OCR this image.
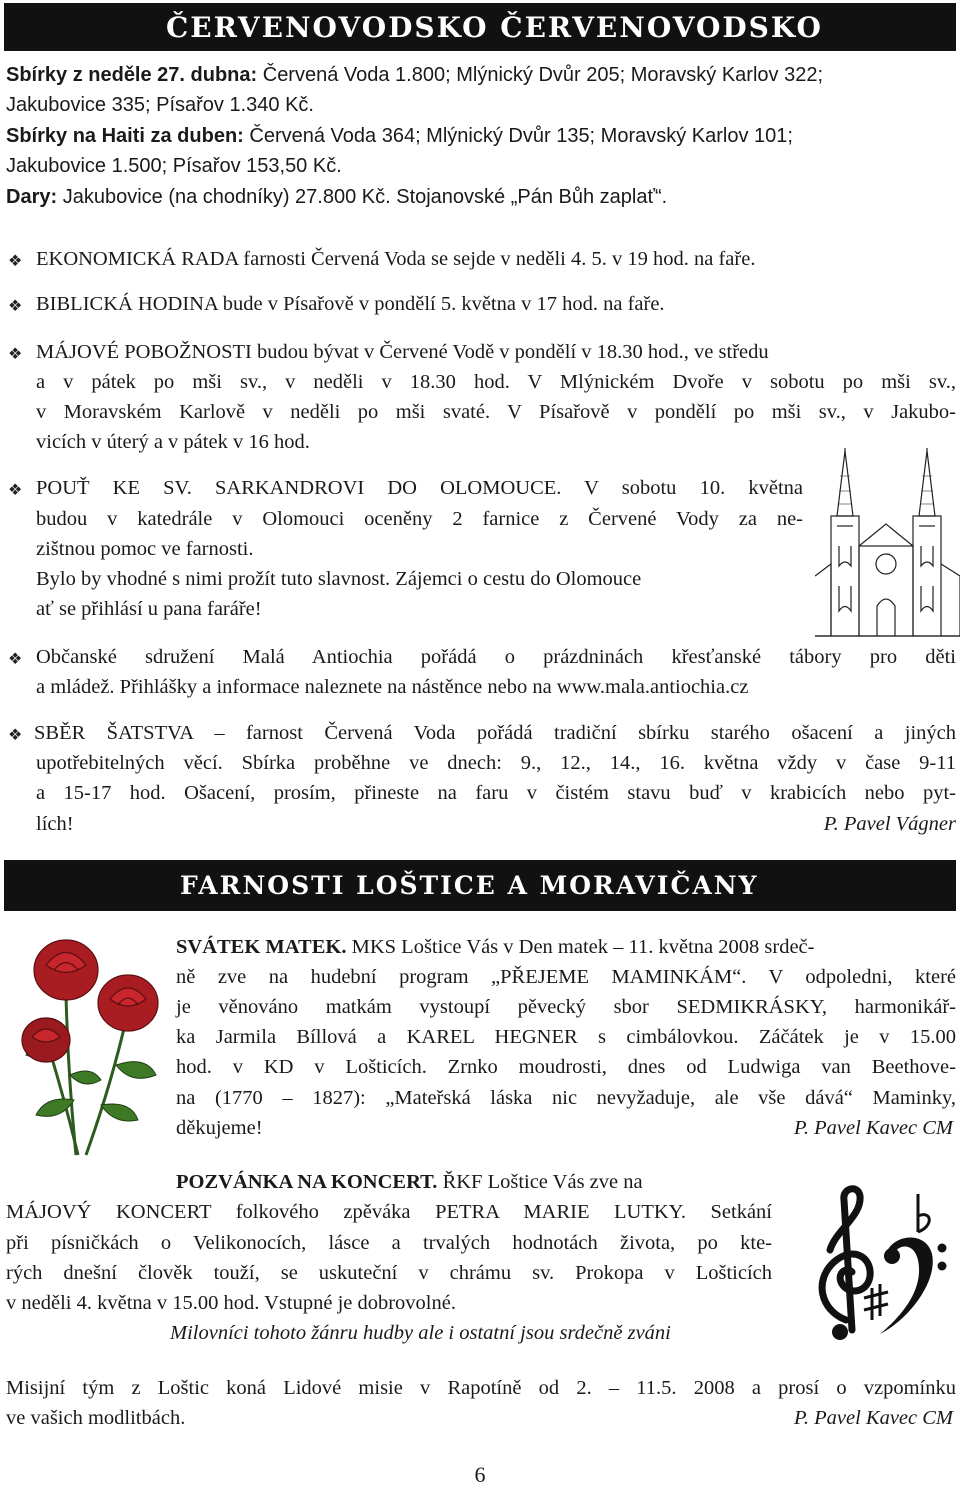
ČERVENOVODSKO ČERVENOVODSKO
Sbírky z neděle 27. dubna: Červená Voda 1.800; Mlýnický Dvůr 205; Moravský Karlov 322;
Jakubovice 335; Písařov 1.340 Kč.
Sbírky na Haiti za duben: Červená Voda 364; Mlýnický Dvůr 135; Moravský Karlov 101;
Jakubovice 1.500; Písařov 153,50 Kč.
Dary: Jakubovice (na chodníky) 27.800 Kč. Stojanovské „Pán Bůh zaplať“.
❖ EKONOMICKÁ RADA farnosti Červená Voda se sejde v neděli 4. 5. v 19 hod. na faře.
❖ BIBLICKÁ HODINA bude v Písařově v pondělí 5. května v 17 hod. na faře.
❖ MÁJOVÉ POBOŽNOSTI budou bývat v Červené Vodě v pondělí v 18.30 hod., ve středu
a v pátek po mši sv., v neděli v 18.30 hod. V Mlýnickém Dvoře v sobotu po mši sv.,
v Moravském Karlově v neděli po mši svaté. V Písařově v pondělí po mši sv., v Jakubo-
vicích v úterý a v pátek v 16 hod.
❖ POUŤ KE SV. SARKANDROVI DO OLOMOUCE. V sobotu 10. května
budou v katedrále v Olomouci oceněny 2 farnice z Červené Vody za ne-
zištnou pomoc ve farnosti.
Bylo by vhodné s nimi prožít tuto slavnost. Zájemci o cestu do Olomouce
ať se přihlásí u pana faráře!
❖ Občanské sdružení Malá Antiochia pořádá o prázdninách křesťanské tábory pro děti
a mládež. Přihlášky a informace naleznete na nástěnce nebo na www.mala.antiochia.cz
❖ SBĚR ŠATSTVA – farnost Červená Voda pořádá tradiční sbírku starého ošacení a jiných
upotřebitelných věcí. Sbírka proběhne ve dnech: 9., 12., 14., 16. května vždy v čase 9-11
a 15-17 hod. Ošacení, prosím, přineste na faru v čistém stavu buď v krabicích nebo pyt-
lích!	P. Pavel Vágner
FARNOSTI LOŠTICE A MORAVIČANY
SVÁTEK MATEK. MKS Loštice Vás v Den matek – 11. května 2008 srdeč-
ně zve na hudební program „PŘEJEME MAMINKÁM“. V odpoledni, které
je věnováno matkám vystoupí pěvecký sbor SEDMIKRÁSKY, harmonikář-
ka Jarmila Bíllová a KAREL HEGNER s cimbálovkou. Záčátek je v 15.00
hod. v KD v Lošticích. Zrnko moudrosti, dnes od Ludwiga van Beethove-
na (1770 – 1827): „Mateřská láska nic nevyžaduje, ale vše dává“ Maminky,
děkujeme!	P. Pavel Kavec CM
POZVÁNKA NA KONCERT. ŘKF Loštice Vás zve na
MÁJOVÝ KONCERT folkového zpěváka PETRA MARIE LUTKY. Setkání
při písničkách o Velikonocích, lásce a trvalých hodnotách života, po kte-
rých dnešní člověk touží, se uskuteční v chrámu sv. Prokopa v Lošticích
v neděli 4. května v 15.00 hod. Vstupné je dobrovolné.
Milovníci tohoto žánru hudby ale i ostatní jsou srdečně zváni
Misijní tým z Loštic koná Lidové misie v Rapotíně od 2. – 11.5. 2008 a prosí o vzpomínku
ve vašich modlitbách.	P. Pavel Kavec CM
6
